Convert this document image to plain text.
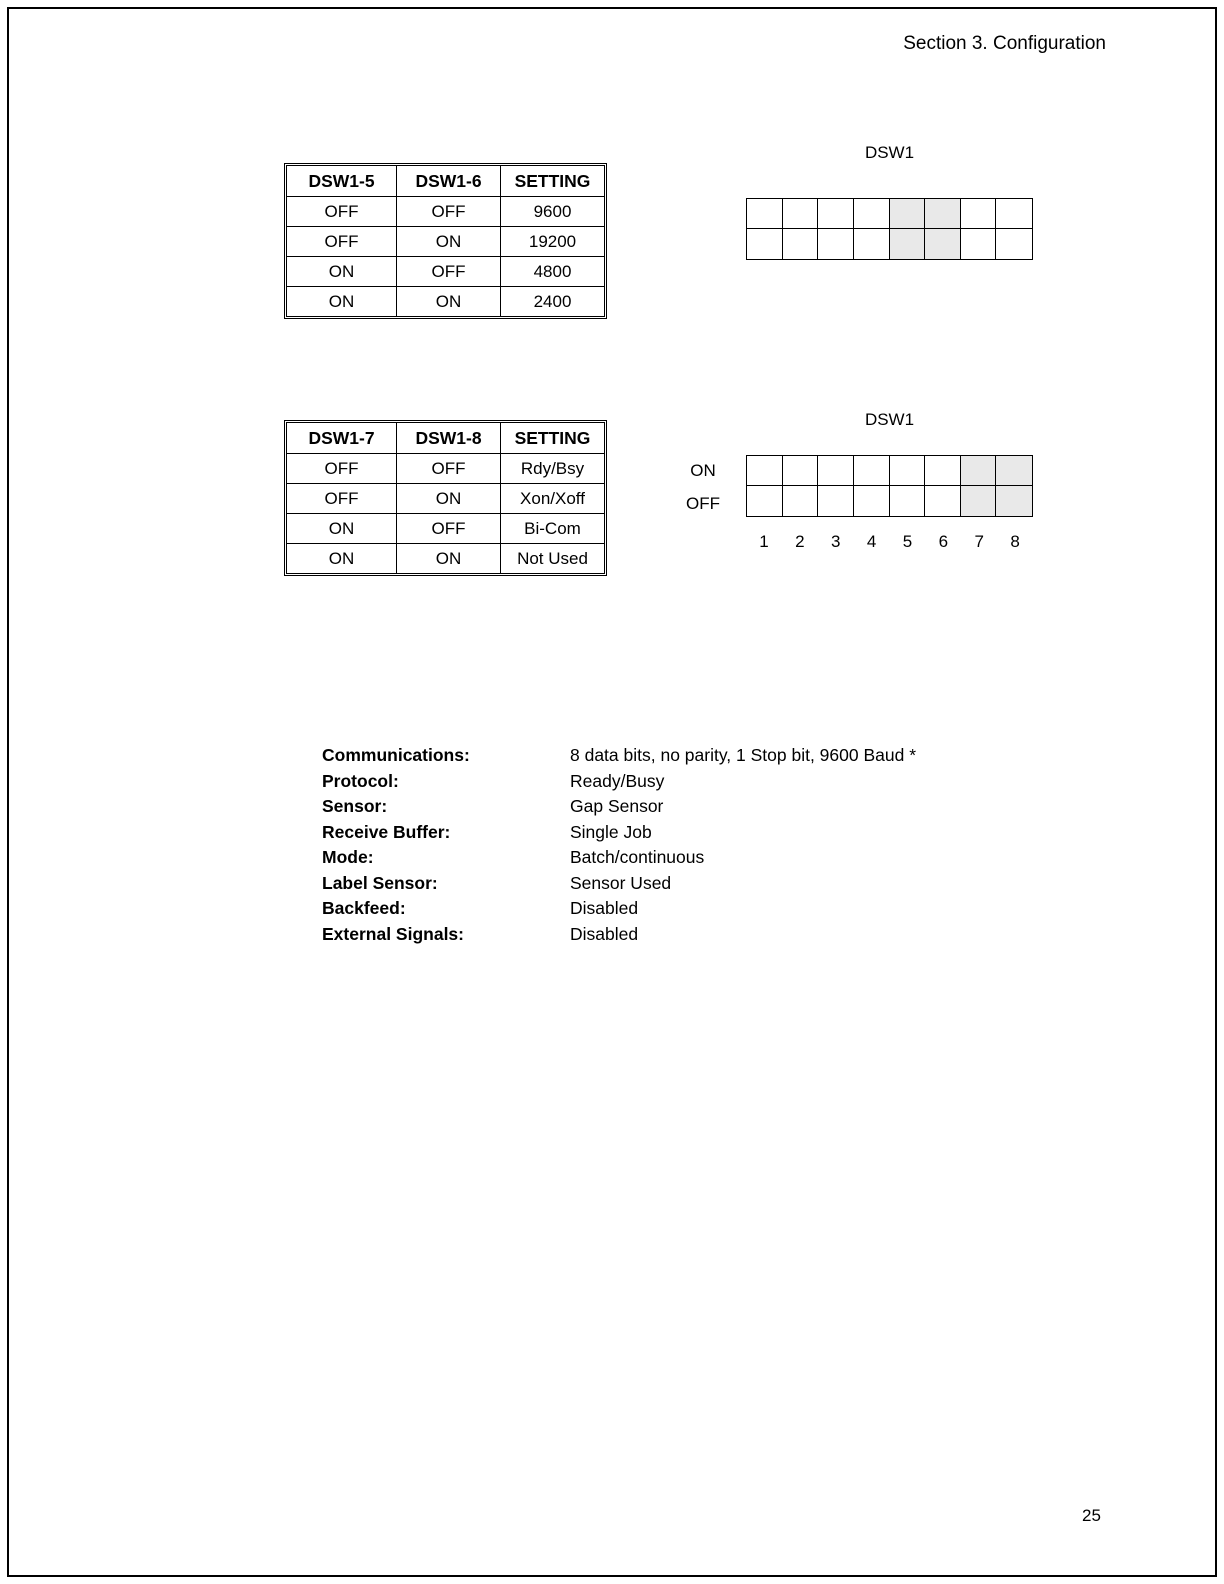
Section 3. Configuration
DSW1-5	DSW1-6	SETTING
OFF	OFF	9600
OFF	ON	19200
ON	OFF	4800
ON	ON	2400
DSW1
DSW1-7	DSW1-8	SETTING
OFF	OFF	Rdy/Bsy
OFF	ON	Xon/Xoff
ON	OFF	Bi-Com
ON	ON	Not Used
DSW1
ON
OFF
1	2	3	4	5	6	7	8
Communications:	8 data bits, no parity, 1 Stop bit, 9600 Baud *
Protocol:	Ready/Busy
Sensor:	Gap Sensor
Receive Buffer:	Single Job
Mode:	Batch/continuous
Label Sensor:	Sensor Used
Backfeed:	Disabled
External Signals:	Disabled
25
